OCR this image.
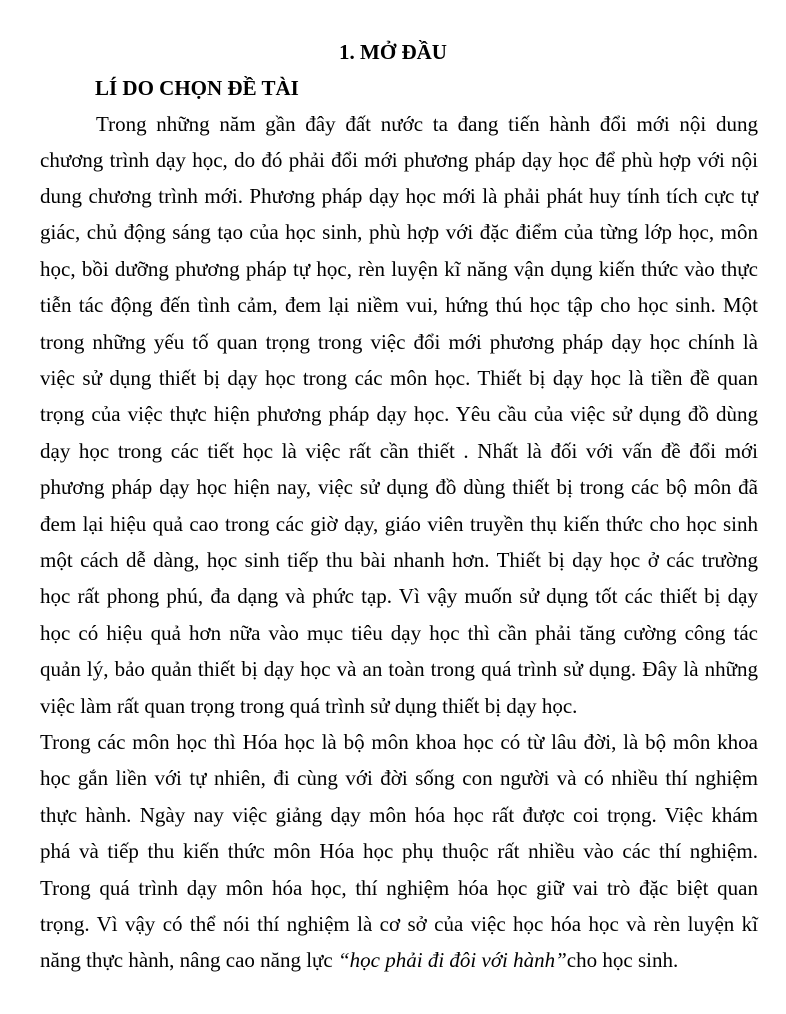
1. MỞ ĐẦU
LÍ DO CHỌN ĐỀ TÀI
Trong những năm gần đây đất nước ta đang tiến hành đổi mới nội dung
chương trình dạy học, do đó phải đổi mới phương pháp dạy học để phù hợp với nội
dung chương trình mới. Phương pháp dạy học mới là phải phát huy tính tích cực tự
giác, chủ động sáng tạo của học sinh, phù hợp với đặc điểm của từng lớp học, môn
học, bồi dưỡng phương pháp tự học, rèn luyện kĩ năng vận dụng kiến thức vào thực
tiễn tác động đến tình cảm, đem lại niềm vui, hứng thú học tập cho học sinh. Một
trong những yếu tố quan trọng trong việc đổi mới phương pháp dạy học chính là
việc sử dụng thiết bị dạy học trong các môn học. Thiết bị dạy học là tiền đề quan
trọng của việc thực hiện phương pháp dạy học. Yêu cầu của việc sử dụng đồ dùng
dạy học trong các tiết học là việc rất cần thiết . Nhất là đối với vấn đề đổi mới
phương pháp dạy học hiện nay, việc sử dụng đồ dùng thiết bị trong các bộ môn đã
đem lại hiệu quả cao trong các giờ dạy, giáo viên truyền thụ kiến thức cho học sinh
một cách dễ dàng, học sinh tiếp thu bài nhanh hơn. Thiết bị dạy học ở các trường
học rất phong phú, đa dạng và phức tạp. Vì vậy muốn sử dụng tốt các thiết bị dạy
học có hiệu quả hơn nữa vào mục tiêu dạy học thì cần phải tăng cường công tác
quản lý, bảo quản thiết bị dạy học và an toàn trong quá trình sử dụng. Đây là những
việc làm rất quan trọng trong quá trình sử dụng thiết bị dạy học.
Trong các môn học thì Hóa học là bộ môn khoa học có từ lâu đời, là bộ môn khoa
học gắn liền với tự nhiên, đi cùng với đời sống con người và có nhiều thí nghiệm
thực hành. Ngày nay việc giảng dạy môn hóa học rất được coi trọng. Việc khám
phá và tiếp thu kiến thức môn Hóa học phụ thuộc rất nhiều vào các thí nghiệm.
Trong quá trình dạy môn hóa học, thí nghiệm hóa học giữ vai trò đặc biệt quan
trọng. Vì vậy có thể nói thí nghiệm là cơ sở của việc học hóa học và rèn luyện kĩ
năng thực hành, nâng cao năng lực “học phải đi đôi với hành”cho học sinh.
